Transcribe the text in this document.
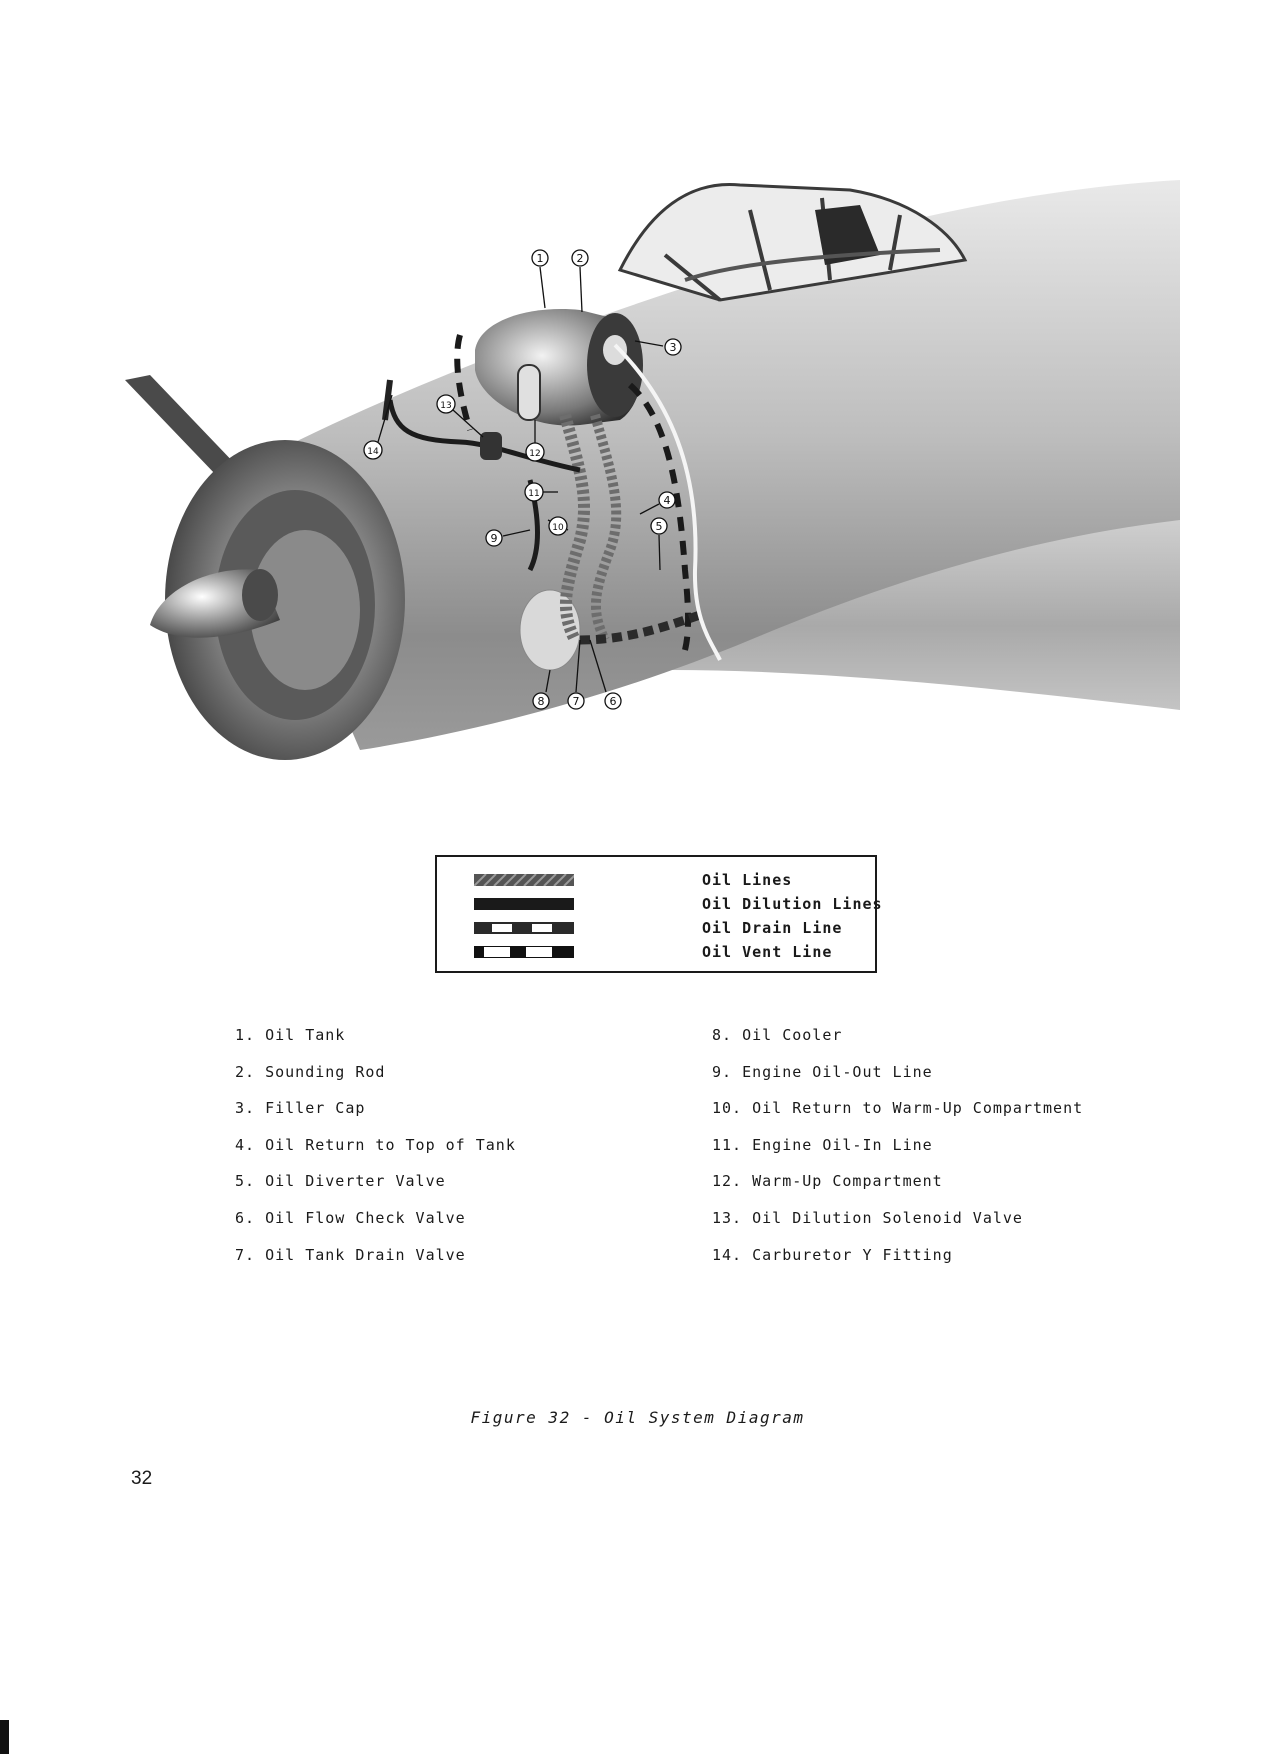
1	2
3
4
5
6
7
8
9
10
11
12
13
14
Oil Lines
Oil Dilution Lines
Oil Drain Line
Oil Vent Line
1. Oil Tank
2. Sounding Rod
3. Filler Cap
4. Oil Return to Top of Tank
5. Oil Diverter Valve
6. Oil Flow Check Valve
7. Oil Tank Drain Valve
8. Oil Cooler
9. Engine Oil-Out Line
10. Oil Return to Warm-Up Compartment
11. Engine Oil-In Line
12. Warm-Up Compartment
13. Oil Dilution Solenoid Valve
14. Carburetor Y Fitting
Figure 32 - Oil System Diagram
32
